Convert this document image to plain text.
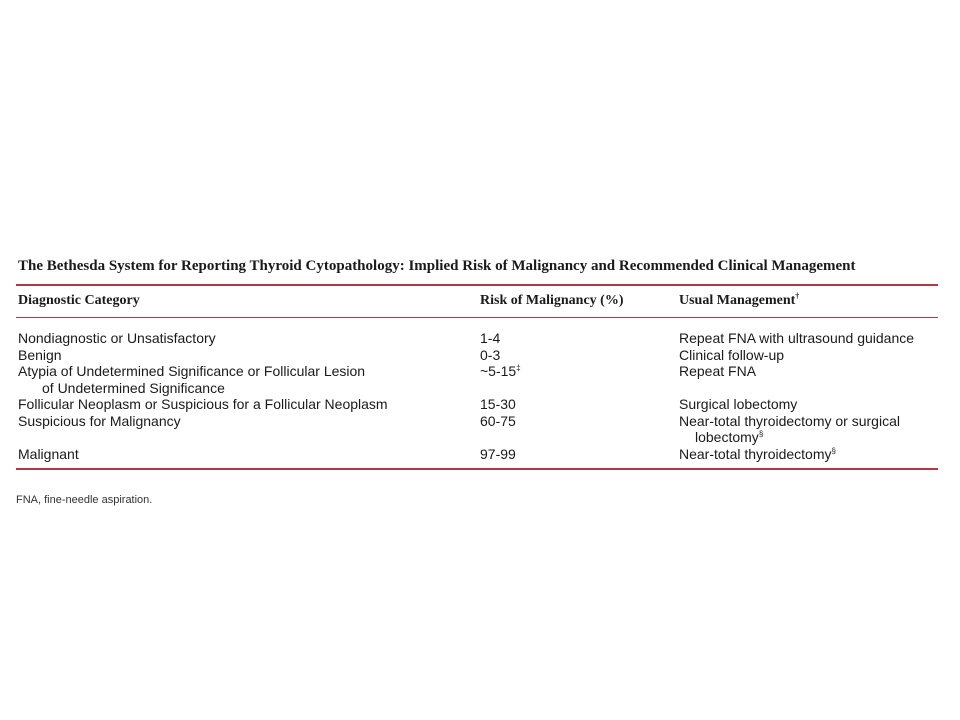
The Bethesda System for Reporting Thyroid Cytopathology: Implied Risk of Malignancy and Recommended Clinical Management
Diagnostic Category	Risk of Malignancy (%)	Usual Management†
Nondiagnostic or Unsatisfactory	1-4	Repeat FNA with ultrasound guidance
Benign	0-3	Clinical follow-up
Atypia of Undetermined Significance or Follicular Lesion
of Undetermined Significance
~5-15‡	Repeat FNA
Follicular Neoplasm or Suspicious for a Follicular Neoplasm	15-30	Surgical lobectomy
Suspicious for Malignancy	60-75	Near-total thyroidectomy or surgical
lobectomy§
Malignant	97-99	Near-total thyroidectomy§
FNA, fine-needle aspiration.
